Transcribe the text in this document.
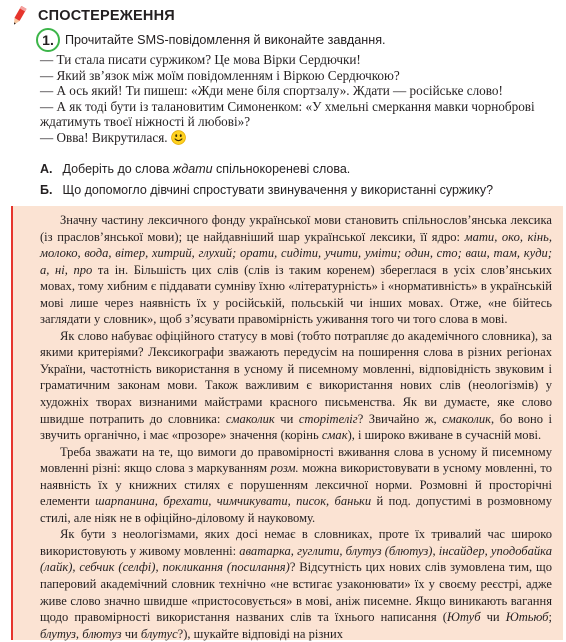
СПОСТЕРЕЖЕННЯ
1. Прочитайте SMS-повідомлення й виконайте завдання.

— Ти стала писати суржиком? Це мова Вірки Сердючки!

— Який зв’язок між моїм повідомленням і Віркою Сердючкою?

— А ось який! Ти пишеш: «Жди мене біля спортзалу». Ждати — російське слово!

— А як тоді бути із талановитим Симоненком: «У хмельні смеркання мавки чорноброві

ждатимуть твоєї ніжності й любові»?

— Овва! Викрутилася.

А. Доберіть до слова ждати спільнокореневі слова.
Б. Що допомогло дівчині спростувати звинувачення у використанні суржику?

Значну частину лексичного фонду української мови становить спільнослов’янська лексика (із праслов’янської мови); це найдавніший шар української лексики, її ядро: мати, око, кінь, молоко, вода, вітер, хитрий, глухий; орати, сидіти, учити, уміти; один, сто; ваш, там, куди; а, ні, про та ін. Більшість цих слів (слів із таким коренем) збереглася в усіх слов’янських мовах, тому хибним є піддавати сумніву їхню «літературність» і «нормативність» в українській мові лише через наявність їх у російській, польській чи інших мовах. Отже, «не бійтесь заглядати у словник», щоб з’ясувати правомірність уживання того чи того слова в мові.

Як слово набуває офіційного статусу в мові (тобто потрапляє до академічного словника), за якими критеріями? Лексикографи зважають передусім на поширення слова в різних регіонах України, частотність використання в усному й писемному мовленні, відповідність звуковим і граматичним законам мови. Також важливим є використання нових слів (неологізмів) у художніх творах визнаними майстрами красного письменства. Як ви думаєте, яке слово швидше потрапить до словника: смаколик чи сторітеліг? Звичайно ж, смаколик, бо воно і звучить органічно, і має «прозоре» значення (корінь смак), і широко вживане в сучасній мові.

Треба зважати на те, що вимоги до правомірності вживання слова в усному й писемному мовленні різні: якщо слова з маркуванням розм. можна використовувати в усному мовленні, то наявність їх у книжних стилях є порушенням лексичної норми. Розмовні й просторічні елементи шарпанина, брехати, чимчикувати, писок, баньки й под. допустимі в розмовному стилі, але ніяк не в офіційно-діловому й науковому.

Як бути з неологізмами, яких досі немає в словниках, проте їх тривалий час широко використовують у живому мовленні: аватарка, гуглити, блутуз (блютуз), інсайдер, уподобайка (лайк), себчик (селфі), покликання (посилання)? Відсутність цих нових слів зумовлена тим, що паперовий академічний словник технічно «не встигає узаконювати» їх у своєму реєстрі, адже живе слово значно швидше «пристосовується» в мові, аніж писемне. Якщо виникають вагання щодо правомірності використання названих слів та їхнього написання (Ютуб чи Ютьюб; блутуз, блютуз чи блутус?), шукайте відповіді на різних
